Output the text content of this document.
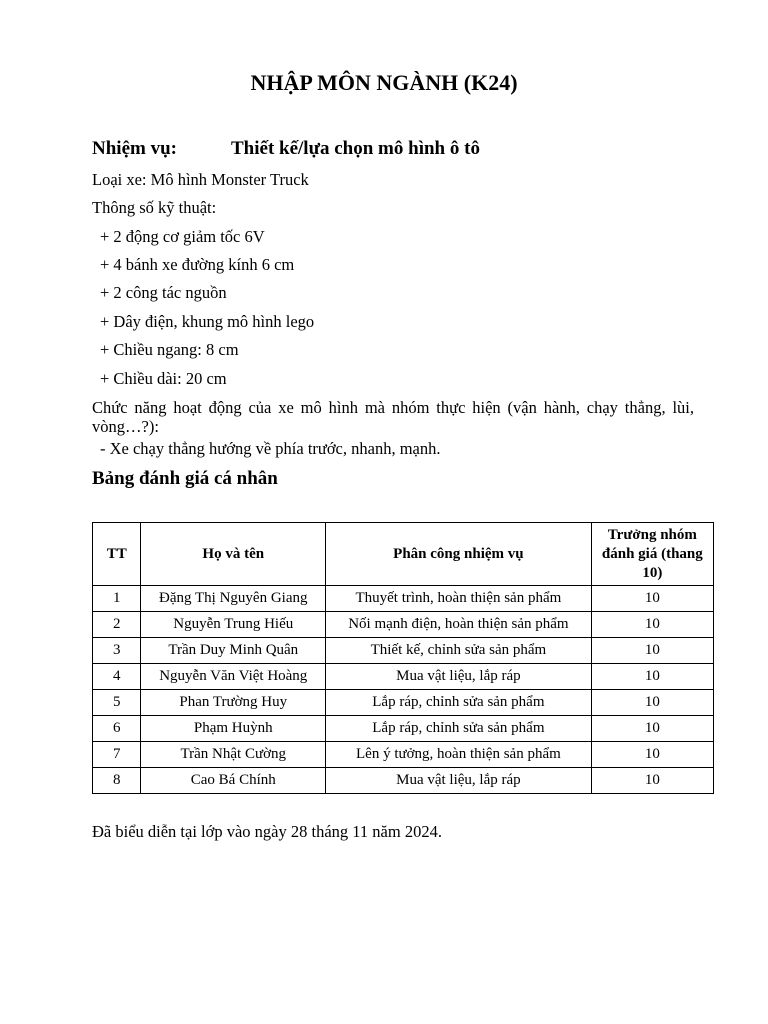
NHẬP MÔN NGÀNH (K24)
Nhiệm vụ:	Thiết kế/lựa chọn mô hình ô tô
Loại xe: Mô hình Monster Truck
Thông số kỹ thuật:
+ 2 động cơ giảm tốc 6V
+ 4 bánh xe đường kính 6 cm
+ 2 công tác nguồn
+ Dây điện, khung mô hình lego
+ Chiều ngang: 8 cm
+ Chiều dài: 20 cm
Chức năng hoạt động của xe mô hình mà nhóm thực hiện (vận hành, chạy thẳng, lùi, vòng…?):
- Xe chạy thẳng hướng về phía trước, nhanh, mạnh.
Bảng đánh giá cá nhân
TT	Họ và tên	Phân công nhiệm vụ	Trưởng nhóm đánh giá (thang 10)
1	Đặng Thị Nguyên Giang	Thuyết trình, hoàn thiện sản phẩm	10
2	Nguyễn Trung Hiếu	Nối mạnh điện, hoàn thiện sản phẩm	10
3	Trần Duy Minh Quân	Thiết kế, chỉnh sửa sản phẩm	10
4	Nguyễn Văn Việt Hoàng	Mua vật liệu, lắp ráp	10
5	Phan Trường Huy	Lắp ráp, chỉnh sửa sản phẩm	10
6	Phạm Huỳnh	Lắp ráp, chỉnh sửa sản phẩm	10
7	Trần Nhật Cường	Lên ý tưởng, hoàn thiện sản phẩm	10
8	Cao Bá Chính	Mua vật liệu, lắp ráp	10
Đã biểu diễn tại lớp vào ngày 28 tháng 11 năm 2024.
